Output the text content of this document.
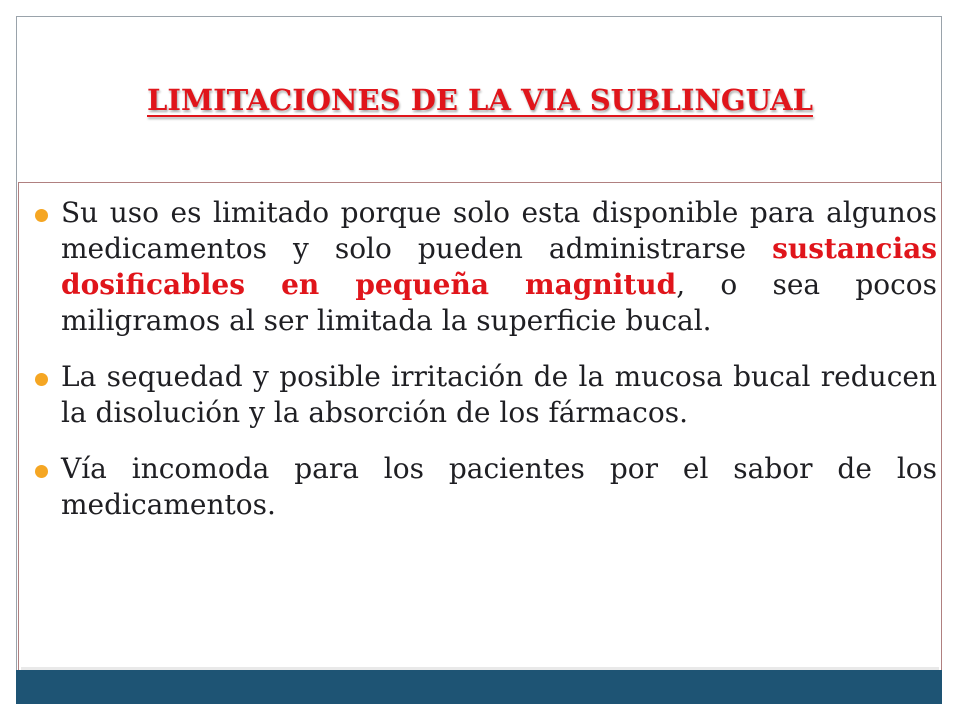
LIMITACIONES DE LA VIA SUBLINGUAL
Su uso es limitado porque solo esta disponible para algunos medicamentos y solo pueden administrarse sustancias dosificables en pequeña magnitud, o sea pocos miligramos al ser limitada la superficie bucal.
La sequedad y posible irritación de la mucosa bucal reducen la disolución y la absorción de los fármacos.
Vía incomoda para los pacientes por el sabor de los medicamentos.
